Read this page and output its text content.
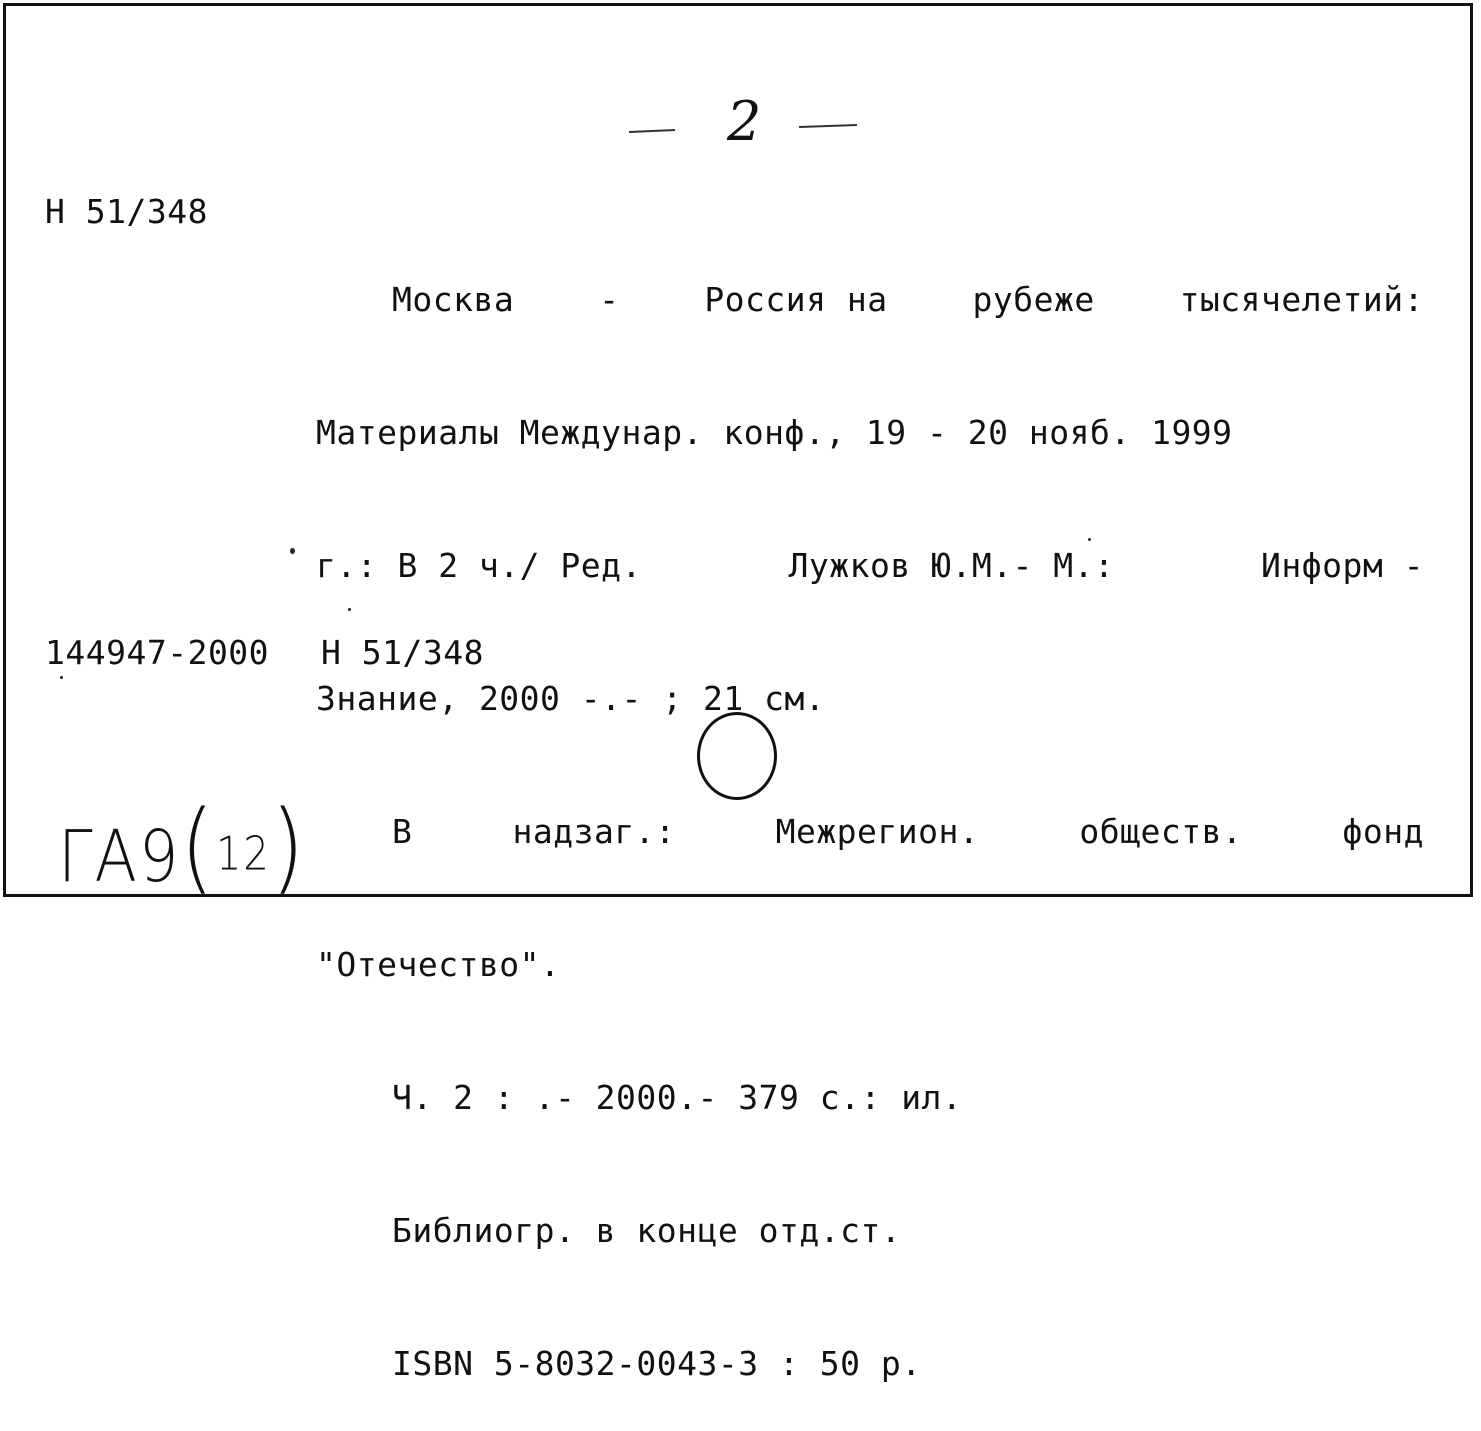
2
Н 51/348

Москва	-	Россия на	рубеже	тысячелетий:

Материалы Междунар. конф., 19 - 20 нояб. 1999

г.: В 2 ч./ Ред.	Лужков Ю.М.- М.:	Информ -

Знание, 2000 -.- ; 21 см.

В	надзаг.:	Межрегион.	обществ.	фонд

"Отечество".

Ч. 2 : .- 2000.- 379 с.: ил.

Библиогр. в конце отд.ст.

ISBN 5-8032-0043-3 : 50 р.

144947-2000 Н 51/348
ГА9(12)
